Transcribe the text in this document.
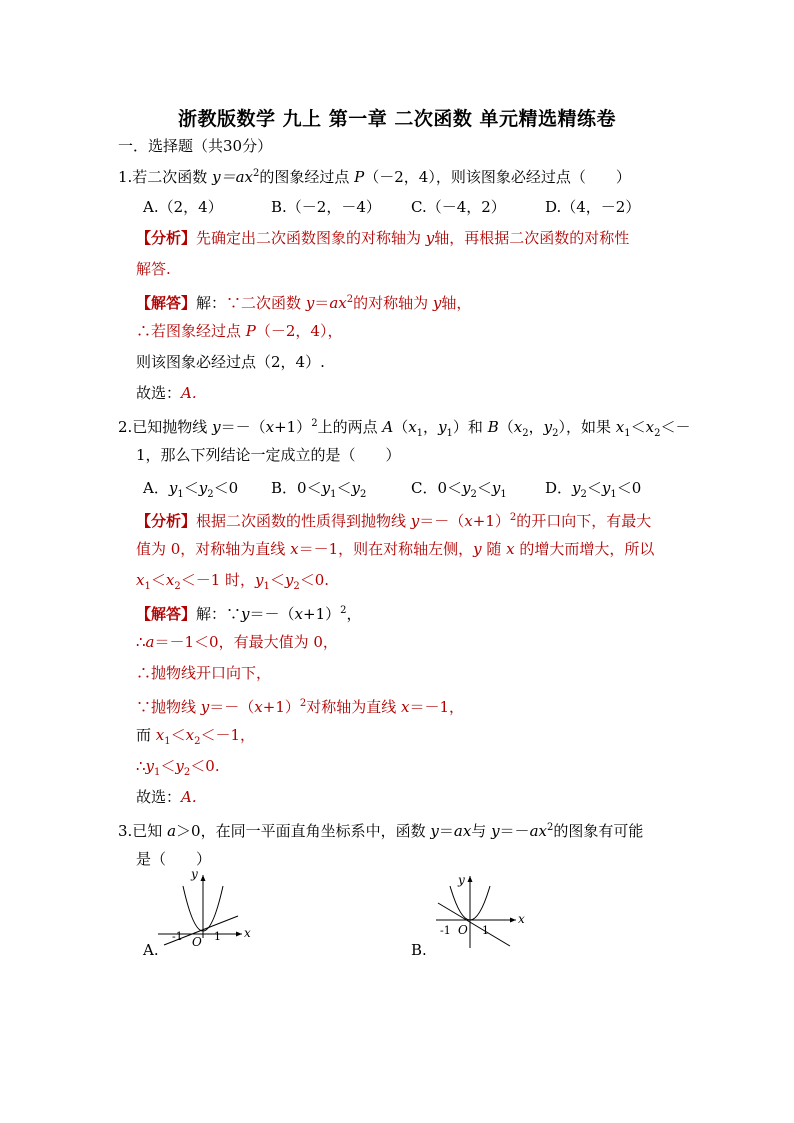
浙教版数学 九上 第一章 二次函数 单元精选精练卷
一．选择题（共30分）
1.若二次函数 $y=ax^2$的图象经过点 P（－2，4），则该图象必经过点（　　）
A.（2，4）	B.（－2，－4） C.（－4，2）	D.（4，－2）
【分析】先确定出二次函数图象的对称轴为 y轴，再根据二次函数的对称性
解答.
【解答】解：∵二次函数 $y=ax^2$的对称轴为 y轴，
∴若图象经过点 P（－2，4），
则该图象必经过点（2，4）.
故选：A.
2.已知抛物线 $y=-(x+1)^2$上的两点 $A(x_1$，$y_1$）和 $B(x_2$，$y_2$），如果 $x_1<x_2<-$
1，那么下列结论一定成立的是（　　）
A．$y_1<y_2<0$ B．$0<y_1<y_2$	C．$0<y_2<y_1$	D．$y_2<y_1<0$
【分析】根据二次函数的性质得到抛物线 $y=-(x+1)^2$的开口向下，有最大
值为 0，对称轴为直线 x＝－1，则在对称轴左侧，y 随 x 的增大而增大，所以
$x_1<x_2<-1$ 时，$y_1<y_2<0$.
【解答】解：$\because y=-(x+1)^2$，
∴a＝－1＜0，有最大值为 0，
∴抛物线开口向下，
∵抛物线 $y=-(x+1)^2$对称轴为直线 x＝－1，
而 $x_1<x_2<-1$，
$\therefore y_1<y_2<0$.
故选：A.
3.已知 a＞0，在同一平面直角坐标系中，函数 y＝ax与 $y=-ax^2$的图象有可能
是（　　）
y
x
O
-1	1
A.
y
x
O
-1	1
B.
